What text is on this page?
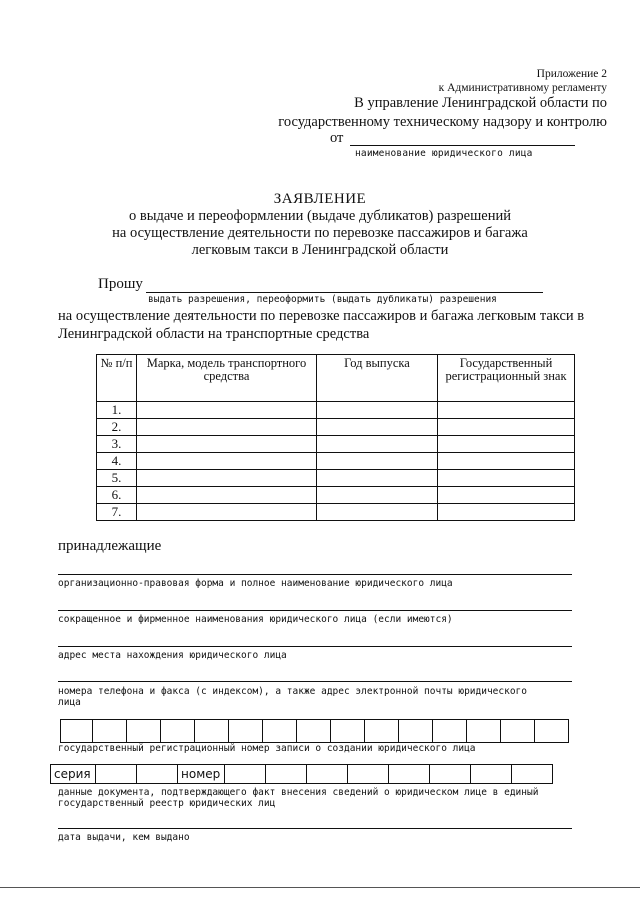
Приложение 2
к Административному регламенту
В управление Ленинградской области по
государственному техническому надзору и контролю
от
наименование юридического лица
ЗАЯВЛЕНИЕ
о выдаче и переоформлении (выдаче дубликатов) разрешений
на осуществление деятельности по перевозке пассажиров и багажа
легковым такси в Ленинградской области
Прошу
выдать разрешения, переоформить (выдать дубликаты) разрешения
на осуществление деятельности по перевозке пассажиров и багажа легковым такси в
Ленинградской области на транспортные средства
№ п/п	Марка, модель транспортного средства	Год выпуска	Государственный регистрационный знак
1.			
2.			
3.			
4.			
5.			
6.			
7.			
принадлежащие
организационно-правовая форма и полное наименование юридического лица
сокращенное и фирменное наименования юридического лица (если имеются)
адрес места нахождения юридического лица
номера телефона и факса (с индексом), а также адрес электронной почты юридического
лица
государственный регистрационный номер записи о создании юридического лица
серия	номер
данные документа, подтверждающего факт внесения сведений о юридическом лице в единый
государственный реестр юридических лиц
дата выдачи, кем выдано
